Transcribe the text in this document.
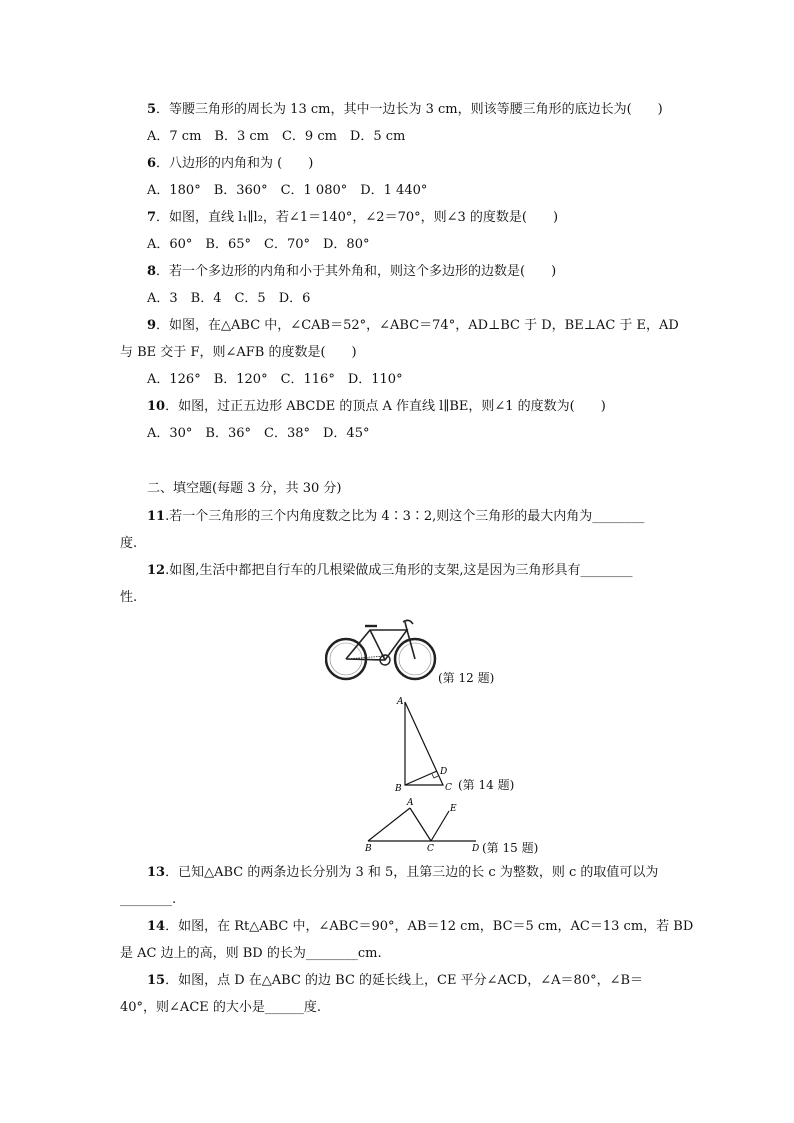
5．等腰三角形的周长为 13 cm，其中一边长为 3 cm，则该等腰三角形的底边长为(　　)
A．7 cm　B．3 cm　C．9 cm　D．5 cm
6．八边形的内角和为 (　　)
A．180°　B．360°　C．1 080°　D．1 440°
7．如图，直线 l₁∥l₂，若∠1＝140°，∠2＝70°，则∠3 的度数是(　　)
A．60°　B．65°　C．70°　D．80°
8．若一个多边形的内角和小于其外角和，则这个多边形的边数是(　　)
A．3　B．4　C．5　D．6
9．如图，在△ABC 中，∠CAB＝52°，∠ABC＝74°，AD⊥BC 于 D，BE⊥AC 于 E，AD
与 BE 交于 F，则∠AFB 的度数是(　　)
A．126°　B．120°　C．116°　D．110°
10．如图，过正五边形 ABCDE 的顶点 A 作直线 l∥BE，则∠1 的度数为(　　)
A．30°　B．36°　C．38°　D．45°
二、填空题(每题 3 分，共 30 分)
11.若一个三角形的三个内角度数之比为 4∶3∶2,则这个三角形的最大内角为________
度.
12.如图,生活中都把自行车的几根梁做成三角形的支架,这是因为三角形具有________
性.
(第 12 题)
A
B	C
D
(第 14 题)
A
B	C	D
E
(第 15 题)
13．已知△ABC 的两条边长分别为 3 和 5，且第三边的长 c 为整数，则 c 的取值可以为
________.
14．如图，在 Rt△ABC 中，∠ABC＝90°，AB＝12 cm，BC＝5 cm，AC＝13 cm，若 BD
是 AC 边上的高，则 BD 的长为________cm.
15．如图，点 D 在△ABC 的边 BC 的延长线上，CE 平分∠ACD，∠A＝80°，∠B＝
40°，则∠ACE 的大小是______度.
